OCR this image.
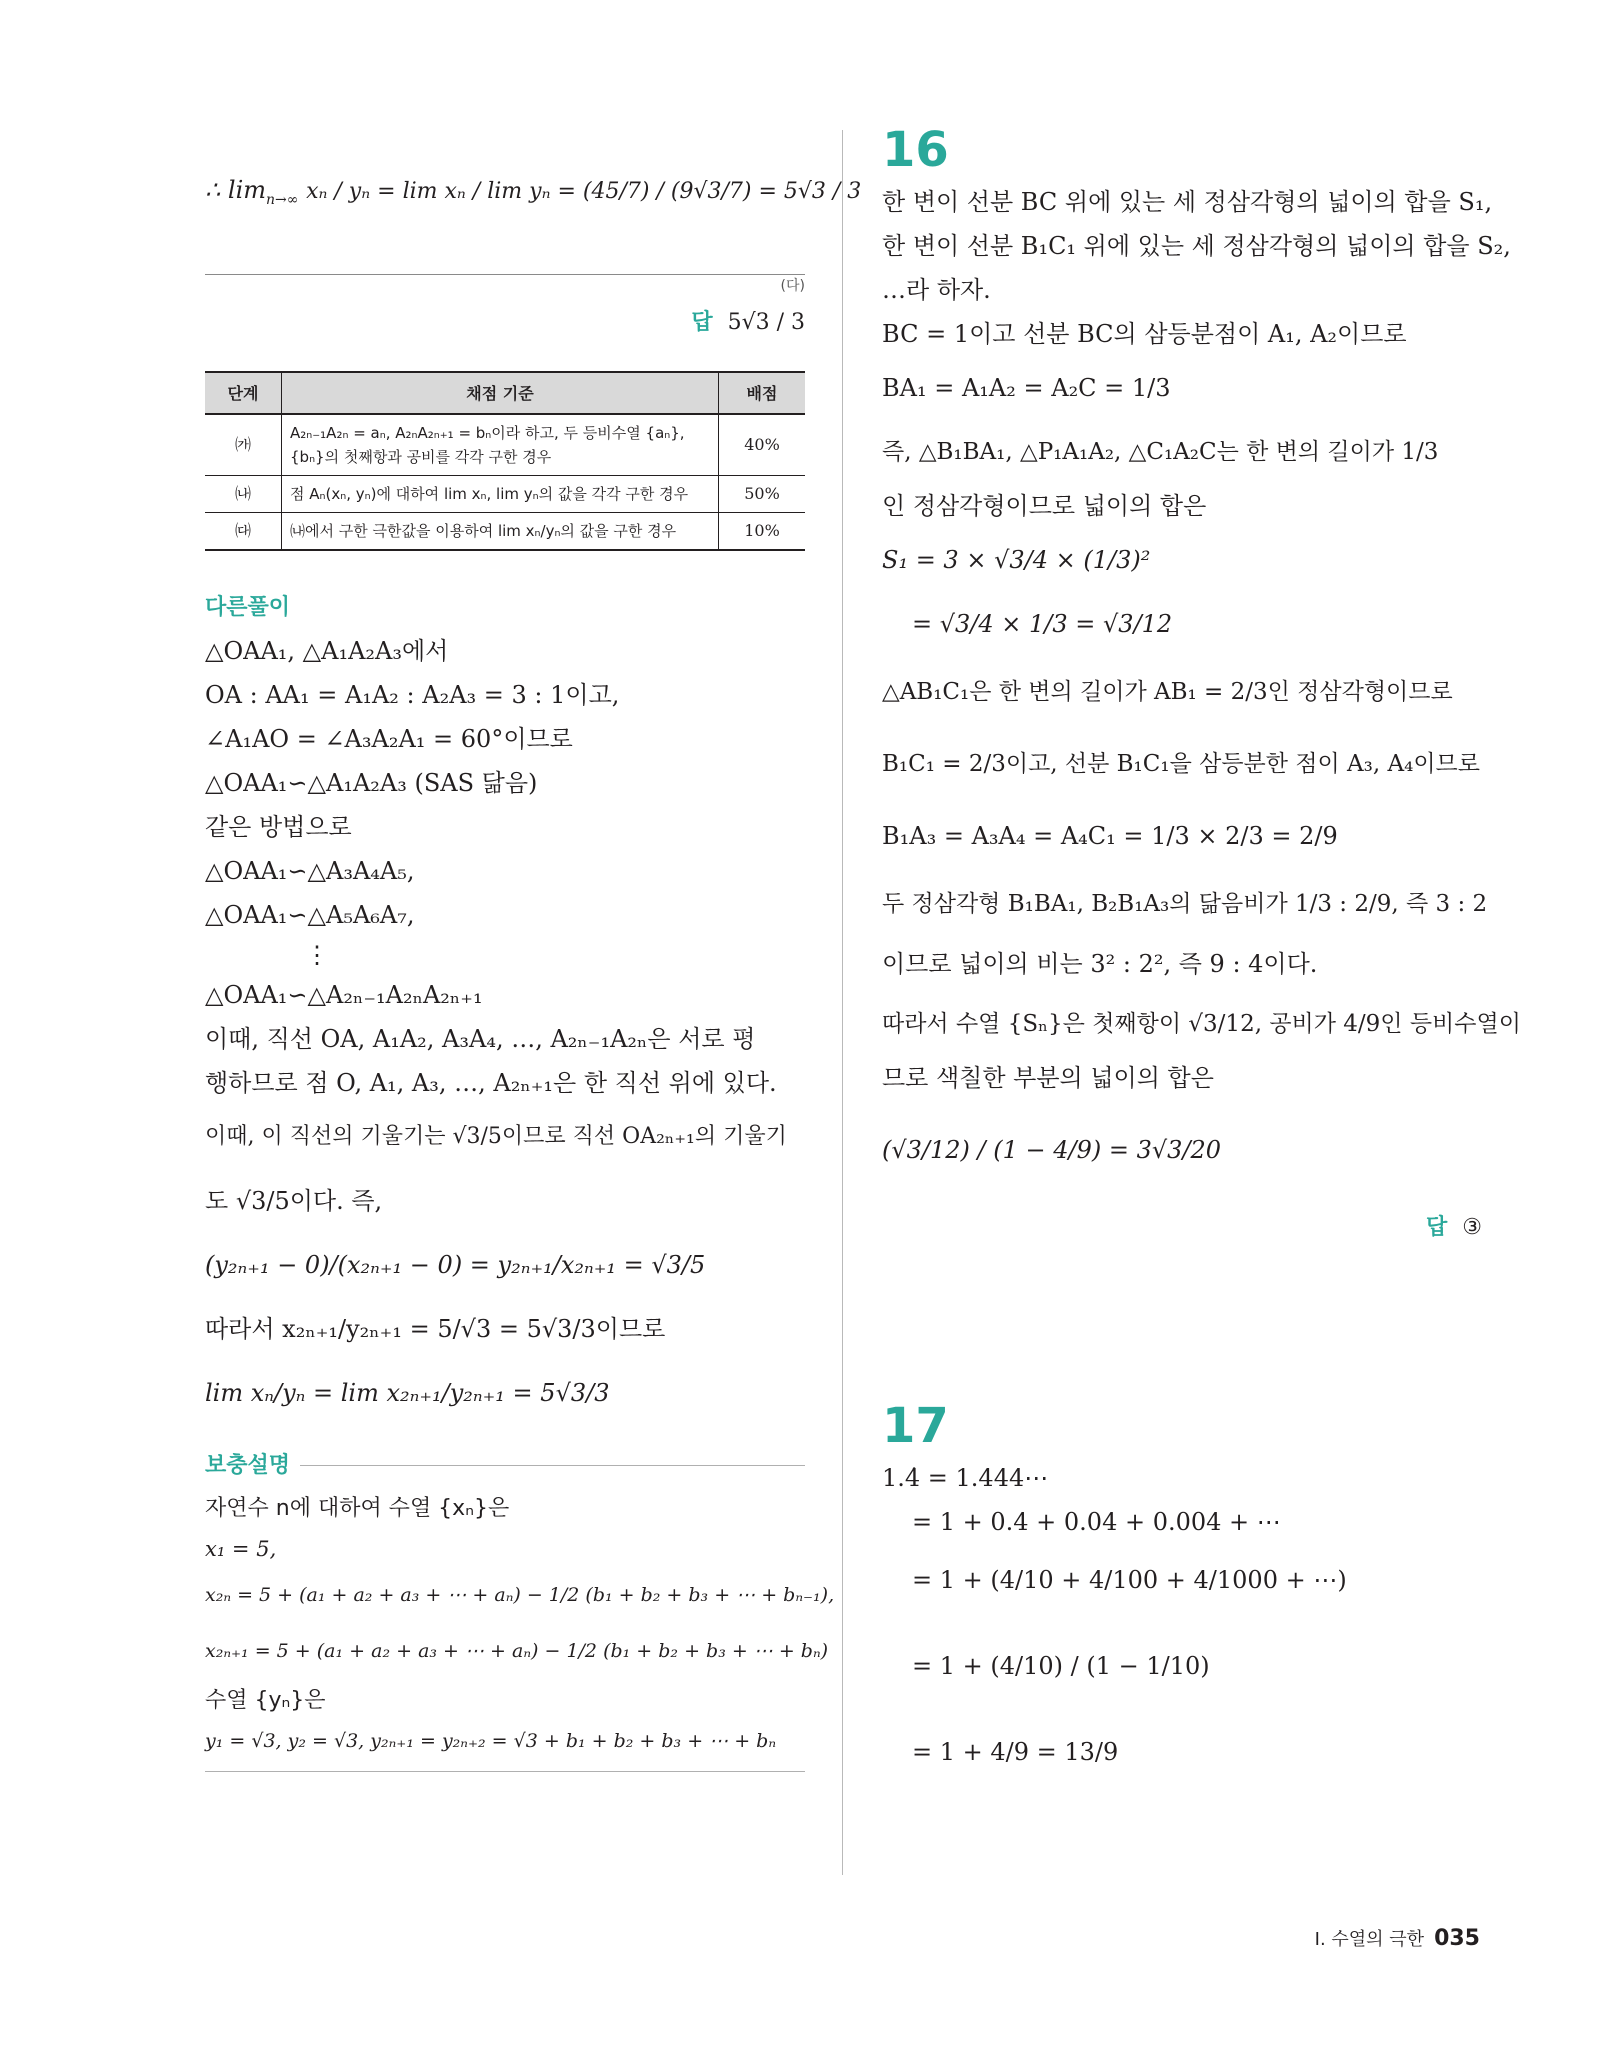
∴ $\lim_{n\to\infty} x_n / y_n = \lim x_n / \lim y_n = (45/7) / (9√3/7) = 5√3 / 3$
(다)
답 5√3 / 3
단계	채점 기준	배점
㈎	A₂ₙ₋₁A₂ₙ = aₙ, A₂ₙA₂ₙ₊₁ = bₙ이라 하고, 두 등비수열 {aₙ}, {bₙ}의 첫째항과 공비를 각각 구한 경우	40%
㈏	점 Aₙ(xₙ, yₙ)에 대하여 lim xₙ, lim yₙ의 값을 각각 구한 경우	50%
㈐	㈏에서 구한 극한값을 이용하여 lim xₙ/yₙ의 값을 구한 경우	10%
다른풀이
△OAA₁, △A₁A₂A₃에서
OA : AA₁ = A₁A₂ : A₂A₃ = 3 : 1이고,
∠A₁AO = ∠A₃A₂A₁ = 60°이므로
△OAA₁∽△A₁A₂A₃ (SAS 닮음)
같은 방법으로
△OAA₁∽△A₃A₄A₅,
△OAA₁∽△A₅A₆A₇,
⋮
△OAA₁∽△A₂ₙ₋₁A₂ₙA₂ₙ₊₁
이때, 직선 OA, A₁A₂, A₃A₄, …, A₂ₙ₋₁A₂ₙ은 서로 평
행하므로 점 O, A₁, A₃, …, A₂ₙ₊₁은 한 직선 위에 있다.
이때, 이 직선의 기울기는 √3/5이므로 직선 OA₂ₙ₊₁의 기울기
도 √3/5이다. 즉,
(y₂ₙ₊₁ − 0)/(x₂ₙ₊₁ − 0) = y₂ₙ₊₁/x₂ₙ₊₁ = √3/5
따라서 x₂ₙ₊₁/y₂ₙ₊₁ = 5/√3 = 5√3/3이므로
lim xₙ/yₙ = lim x₂ₙ₊₁/y₂ₙ₊₁ = 5√3/3
보충설명
자연수 n에 대하여 수열 {xₙ}은
x₁ = 5,
x₂ₙ = 5 + (a₁ + a₂ + a₃ + ⋯ + aₙ) − 1/2 (b₁ + b₂ + b₃ + ⋯ + bₙ₋₁),
x₂ₙ₊₁ = 5 + (a₁ + a₂ + a₃ + ⋯ + aₙ) − 1/2 (b₁ + b₂ + b₃ + ⋯ + bₙ)
수열 {yₙ}은
y₁ = √3, y₂ = √3, y₂ₙ₊₁ = y₂ₙ₊₂ = √3 + b₁ + b₂ + b₃ + ⋯ + bₙ
16
한 변이 선분 BC 위에 있는 세 정삼각형의 넓이의 합을 S₁,
한 변이 선분 B₁C₁ 위에 있는 세 정삼각형의 넓이의 합을 S₂,
…라 하자.
BC = 1이고 선분 BC의 삼등분점이 A₁, A₂이므로
BA₁ = A₁A₂ = A₂C = 1/3
즉, △B₁BA₁, △P₁A₁A₂, △C₁A₂C는 한 변의 길이가 1/3
인 정삼각형이므로 넓이의 합은
S₁ = 3 × √3/4 × (1/3)²
= √3/4 × 1/3 = √3/12
△AB₁C₁은 한 변의 길이가 AB₁ = 2/3인 정삼각형이므로
B₁C₁ = 2/3이고, 선분 B₁C₁을 삼등분한 점이 A₃, A₄이므로
B₁A₃ = A₃A₄ = A₄C₁ = 1/3 × 2/3 = 2/9
두 정삼각형 B₁BA₁, B₂B₁A₃의 닮음비가 1/3 : 2/9, 즉 3 : 2
이므로 넓이의 비는 3² : 2², 즉 9 : 4이다.
따라서 수열 {Sₙ}은 첫째항이 √3/12, 공비가 4/9인 등비수열이
므로 색칠한 부분의 넓이의 합은
(√3/12) / (1 − 4/9) = 3√3/20
답 ③
17
1.4̇ = 1.444⋯
= 1 + 0.4 + 0.04 + 0.004 + ⋯
= 1 + (4/10 + 4/100 + 4/1000 + ⋯)
= 1 + (4/10) / (1 − 1/10)
= 1 + 4/9 = 13/9
Ⅰ. 수열의 극한 035
